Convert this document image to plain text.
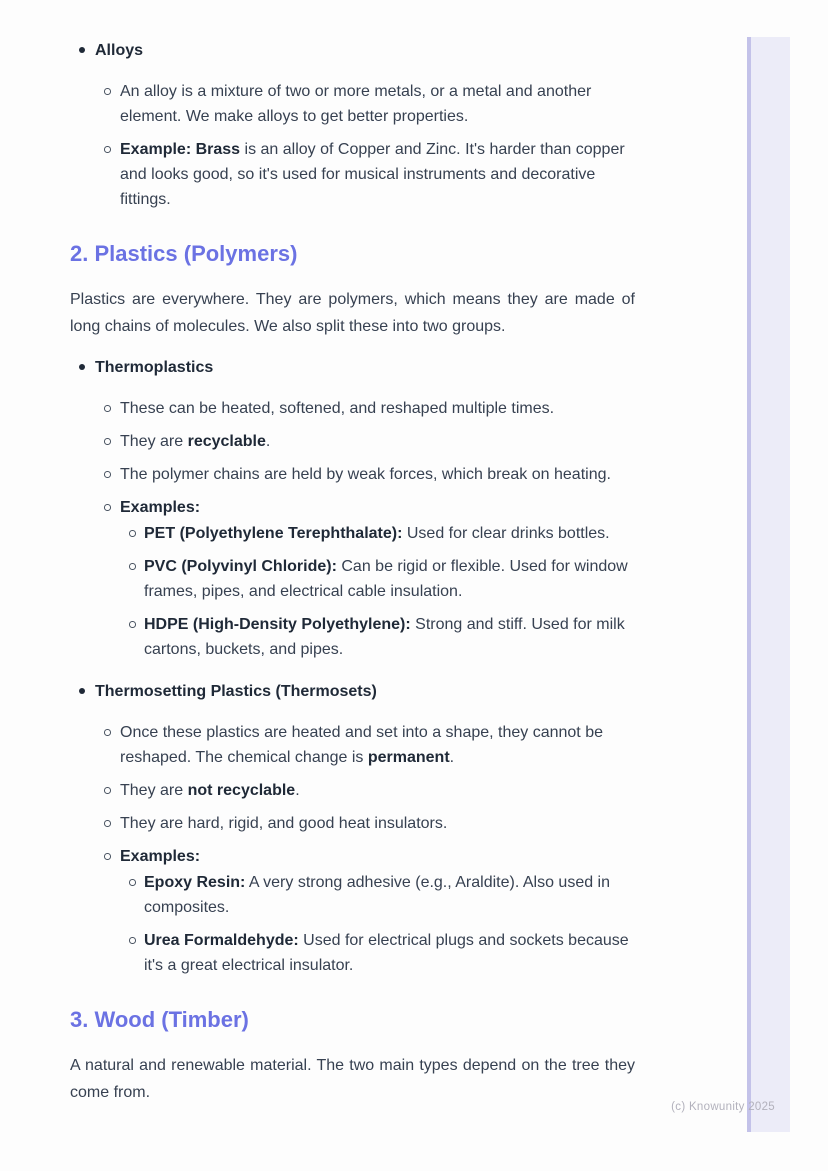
Alloys
An alloy is a mixture of two or more metals, or a metal and another element. We make alloys to get better properties.
Example: Brass is an alloy of Copper and Zinc. It's harder than copper and looks good, so it's used for musical instruments and decorative fittings.
2. Plastics (Polymers)

Plastics are everywhere. They are polymers, which means they are made of long chains of molecules. We also split these into two groups.

Thermoplastics
These can be heated, softened, and reshaped multiple times.
They are recyclable.
The polymer chains are held by weak forces, which break on heating.
Examples:
PET (Polyethylene Terephthalate): Used for clear drinks bottles.
PVC (Polyvinyl Chloride): Can be rigid or flexible. Used for window frames, pipes, and electrical cable insulation.
HDPE (High-Density Polyethylene): Strong and stiff. Used for milk cartons, buckets, and pipes.
Thermosetting Plastics (Thermosets)
Once these plastics are heated and set into a shape, they cannot be reshaped. The chemical change is permanent.
They are not recyclable.
They are hard, rigid, and good heat insulators.
Examples:
Epoxy Resin: A very strong adhesive (e.g., Araldite). Also used in composites.
Urea Formaldehyde: Used for electrical plugs and sockets because it's a great electrical insulator.
3. Wood (Timber)

A natural and renewable material. The two main types depend on the tree they come from.

(c) Knowunity 2025
